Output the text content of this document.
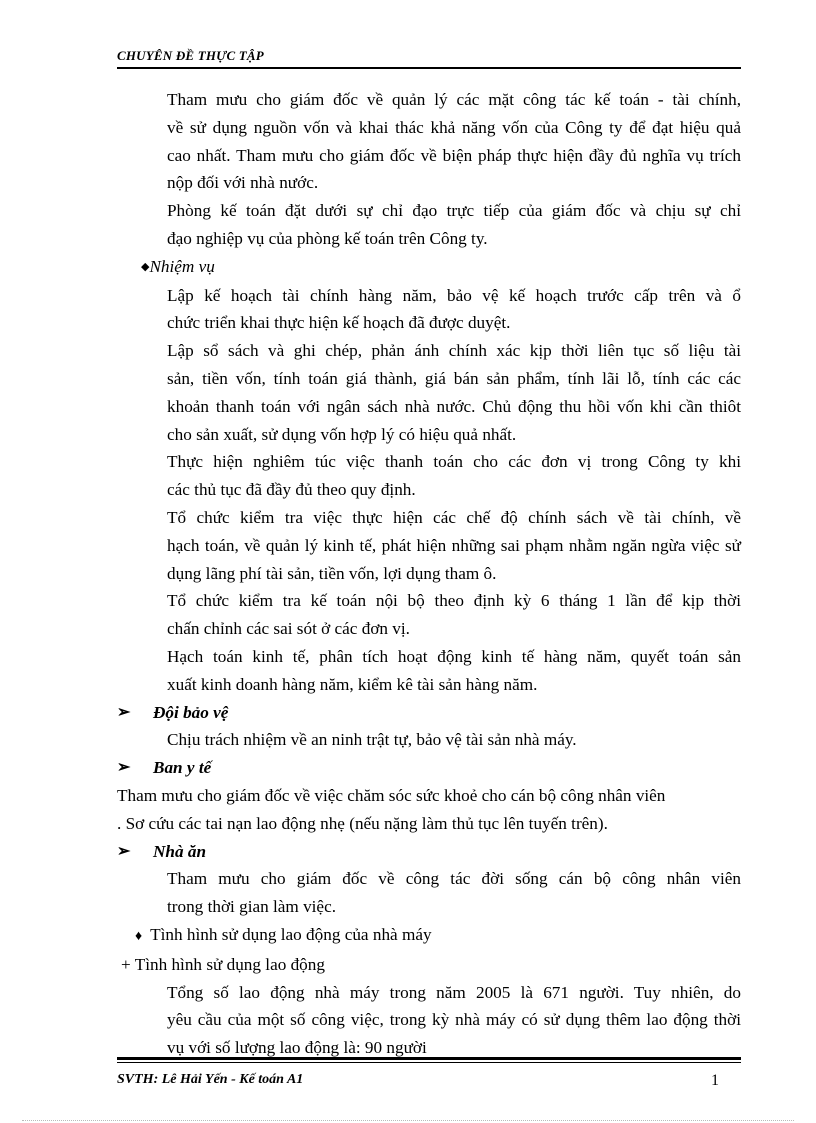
CHUYÊN ĐỀ THỰC TẬP

Tham mưu cho giám đốc về quản lý các mặt công tác kế toán - tài chính,
về sử dụng nguồn vốn và khai thác khả năng vốn của Công ty để đạt hiệu quả
cao nhất. Tham mưu cho giám đốc về biện pháp thực hiện đầy đủ nghĩa vụ trích
nộp đối với nhà nước.

Phòng kế toán đặt dưới sự chỉ đạo trực tiếp của giám đốc và chịu sự chỉ
đạo nghiệp vụ của phòng kế toán trên Công ty.

◆Nhiệm vụ

Lập kế hoạch tài chính hàng năm, bảo vệ kế hoạch trước cấp trên và ổ
chức triển khai thực hiện kế hoạch đã được duyệt.

Lập sổ sách và ghi chép, phản ánh chính xác kịp thời liên tục số liệu tài
sản, tiền vốn, tính toán giá thành, giá bán sản phẩm, tính lãi lỗ, tính các các
khoản thanh toán với ngân sách nhà nước. Chủ động thu hồi vốn khi cần thiôt
cho sản xuất, sử dụng vốn hợp lý có hiệu quả nhất.

Thực hiện nghiêm túc việc thanh toán cho các đơn vị trong Công ty khi
các thủ tục đã đầy đủ theo quy định.

Tổ chức kiểm tra việc thực hiện các chế độ chính sách về tài chính, về
hạch toán, về quản lý kinh tế, phát hiện những sai phạm nhằm ngăn ngừa việc sử
dụng lãng phí tài sản, tiền vốn, lợi dụng tham ô.

Tổ chức kiểm tra kế toán nội bộ theo định kỳ 6 tháng 1 lần để kịp thời
chấn chỉnh các sai sót ở các đơn vị.

Hạch toán kinh tế, phân tích hoạt động kinh tế hàng năm, quyết toán sản
xuất kinh doanh hàng năm, kiểm kê tài sản hàng năm.

➢	Đội bảo vệ

Chịu trách nhiệm về an ninh trật tự, bảo vệ tài sản nhà máy.

➢	Ban y tế

Tham mưu cho giám đốc về việc chăm sóc sức khoẻ cho cán bộ công nhân viên
. Sơ cứu các tai nạn lao động nhẹ (nếu nặng làm thủ tục lên tuyến trên).

➢	Nhà ăn

Tham mưu cho giám đốc về công tác đời sống cán bộ công nhân viên
trong thời gian làm việc.

♦ Tình hình sử dụng lao động của nhà máy

+ Tình hình sử dụng lao động

Tổng số lao động nhà máy trong năm 2005 là 671 người. Tuy nhiên, do
yêu cầu của một số công việc, trong kỳ nhà máy có sử dụng thêm lao động thời
vụ với số lượng lao động là: 90 người

SVTH: Lê Hải Yến - Kế toán A1	1
